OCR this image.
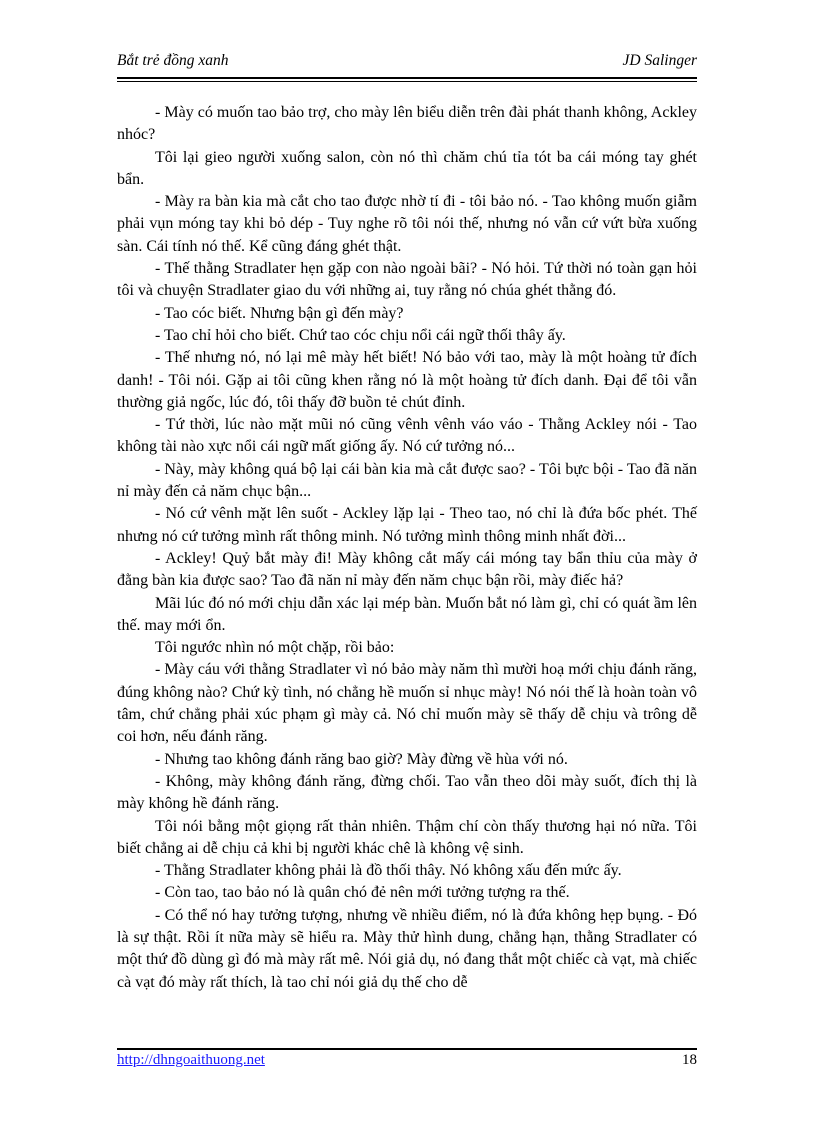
Bắt trẻ đồng xanh	JD Salinger

- Mày có muốn tao bảo trợ, cho mày lên biểu diễn trên đài phát thanh không, Ackley nhóc?

Tôi lại gieo người xuống salon, còn nó thì chăm chú tỉa tót ba cái móng tay ghét bẩn.

- Mày ra bàn kia mà cắt cho tao được nhờ tí đi - tôi bảo nó. - Tao không muốn giẫm phải vụn móng tay khi bỏ dép - Tuy nghe rõ tôi nói thế, nhưng nó vẫn cứ vứt bừa xuống sàn. Cái tính nó thế. Kể cũng đáng ghét thật.

- Thế thằng Stradlater hẹn gặp con nào ngoài bãi? - Nó hỏi. Tứ thời nó toàn gạn hỏi tôi và chuyện Stradlater giao du với những ai, tuy rằng nó chúa ghét thằng đó.

- Tao cóc biết. Nhưng bận gì đến mày?

- Tao chỉ hỏi cho biết. Chứ tao cóc chịu nổi cái ngữ thối thây ấy.

- Thế nhưng nó, nó lại mê mày hết biết! Nó bảo với tao, mày là một hoàng tử đích danh! - Tôi nói. Gặp ai tôi cũng khen rằng nó là một hoàng tử đích danh. Đại để tôi vẫn thường giả ngốc, lúc đó, tôi thấy đỡ buồn tẻ chút đỉnh.

- Tứ thời, lúc nào mặt mũi nó cũng vênh vênh váo váo - Thằng Ackley nói - Tao không tài nào xực nổi cái ngữ mất giống ấy. Nó cứ tưởng nó...

- Này, mày không quá bộ lại cái bàn kia mà cắt được sao? - Tôi bực bội - Tao đã năn nỉ mày đến cả năm chục bận...

- Nó cứ vênh mặt lên suốt - Ackley lặp lại - Theo tao, nó chỉ là đứa bốc phét. Thế nhưng nó cứ tưởng mình rất thông minh. Nó tưởng mình thông minh nhất đời...

- Ackley! Quỷ bắt mày đi! Mày không cắt mấy cái móng tay bẩn thỉu của mày ở đằng bàn kia được sao? Tao đã năn nỉ mày đến năm chục bận rồi, mày điếc hả?

Mãi lúc đó nó mới chịu dẫn xác lại mép bàn. Muốn bắt nó làm gì, chỉ có quát ầm lên thế. may mới ổn.

Tôi ngước nhìn nó một chặp, rồi bảo:

- Mày cáu với thằng Stradlater vì nó bảo mày năm thì mười hoạ mới chịu đánh răng, đúng không nào? Chứ kỳ tình, nó chẳng hề muốn sỉ nhục mày! Nó nói thế là hoàn toàn vô tâm, chứ chẳng phải xúc phạm gì mày cả. Nó chỉ muốn mày sẽ thấy dễ chịu và trông dễ coi hơn, nếu đánh răng.

- Nhưng tao không đánh răng bao giờ? Mày đừng về hùa với nó.

- Không, mày không đánh răng, đừng chối. Tao vẫn theo dõi mày suốt, đích thị là mày không hề đánh răng.

Tôi nói bằng một giọng rất thản nhiên. Thậm chí còn thấy thương hại nó nữa. Tôi biết chẳng ai dễ chịu cả khi bị người khác chê là không vệ sinh.

- Thằng Stradlater không phải là đồ thối thây. Nó không xấu đến mức ấy.

- Còn tao, tao bảo nó là quân chó đẻ nên mới tưởng tượng ra thế.

- Có thể nó hay tưởng tượng, nhưng về nhiều điểm, nó là đứa không hẹp bụng. - Đó là sự thật. Rồi ít nữa mày sẽ hiểu ra. Mày thử hình dung, chẳng hạn, thằng Stradlater có một thứ đồ dùng gì đó mà mày rất mê. Nói giả dụ, nó đang thắt một chiếc cà vạt, mà chiếc cà vạt đó mày rất thích, là tao chỉ nói giả dụ thế cho dễ

http://dhngoaithuong.net	18
